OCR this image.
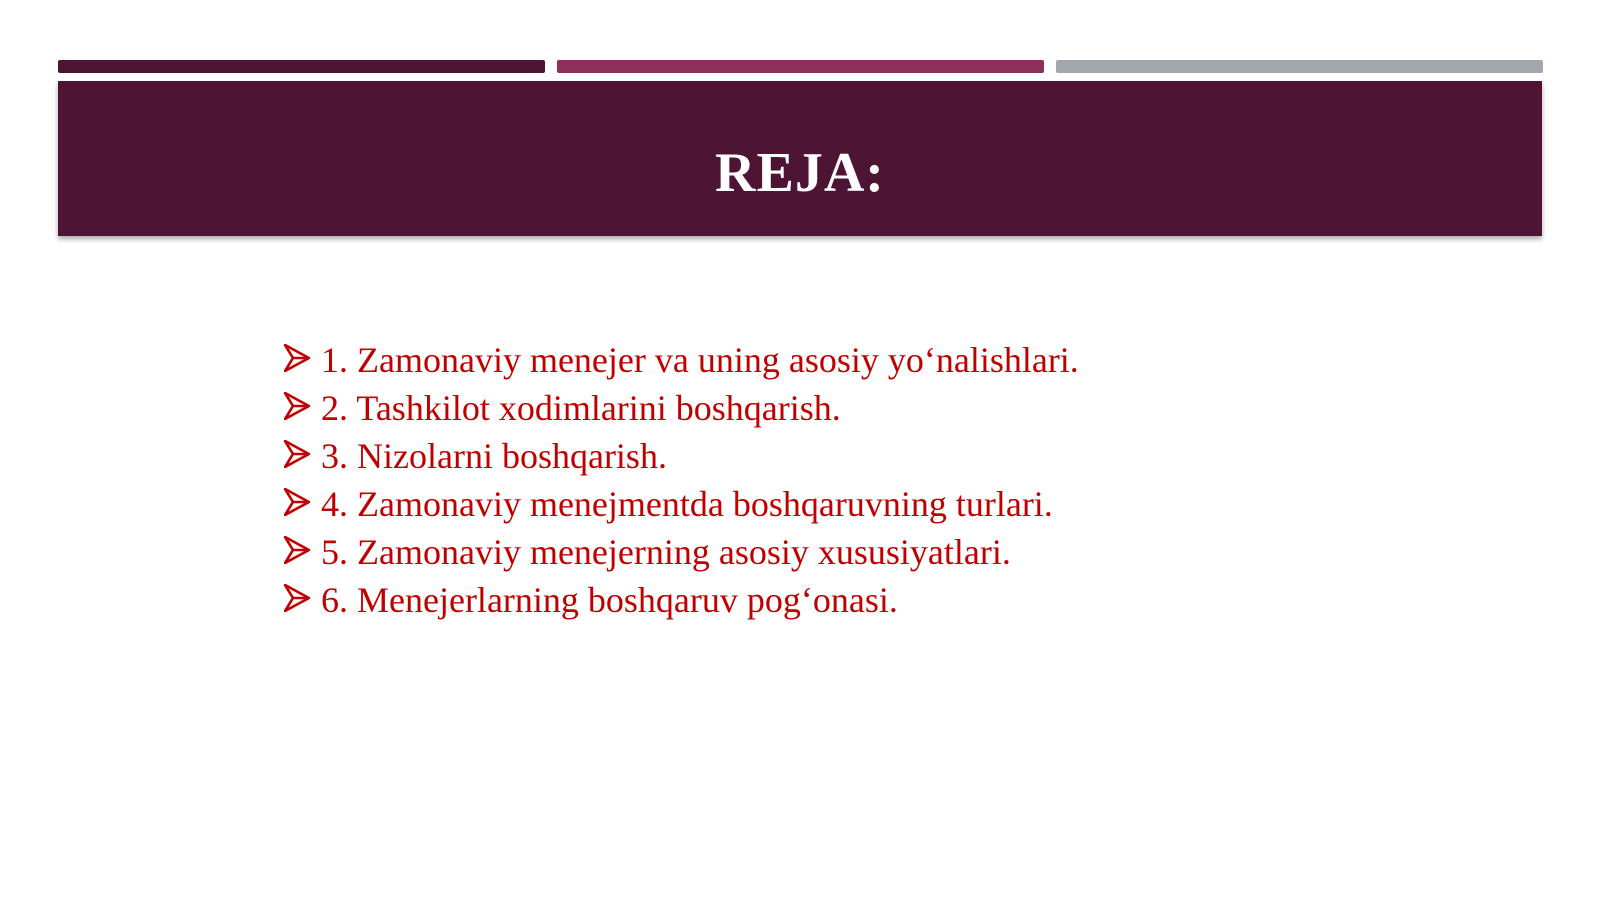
REJA:
1. Zamonaviy menejer va uning asosiy yo‘nalishlari.
2. Tashkilot xodimlarini boshqarish.
3. Nizolarni boshqarish.
4. Zamonaviy menejmentda boshqaruvning turlari.
5. Zamonaviy menejerning asosiy xususiyatlari.
6. Menejerlarning boshqaruv pog‘onasi.
